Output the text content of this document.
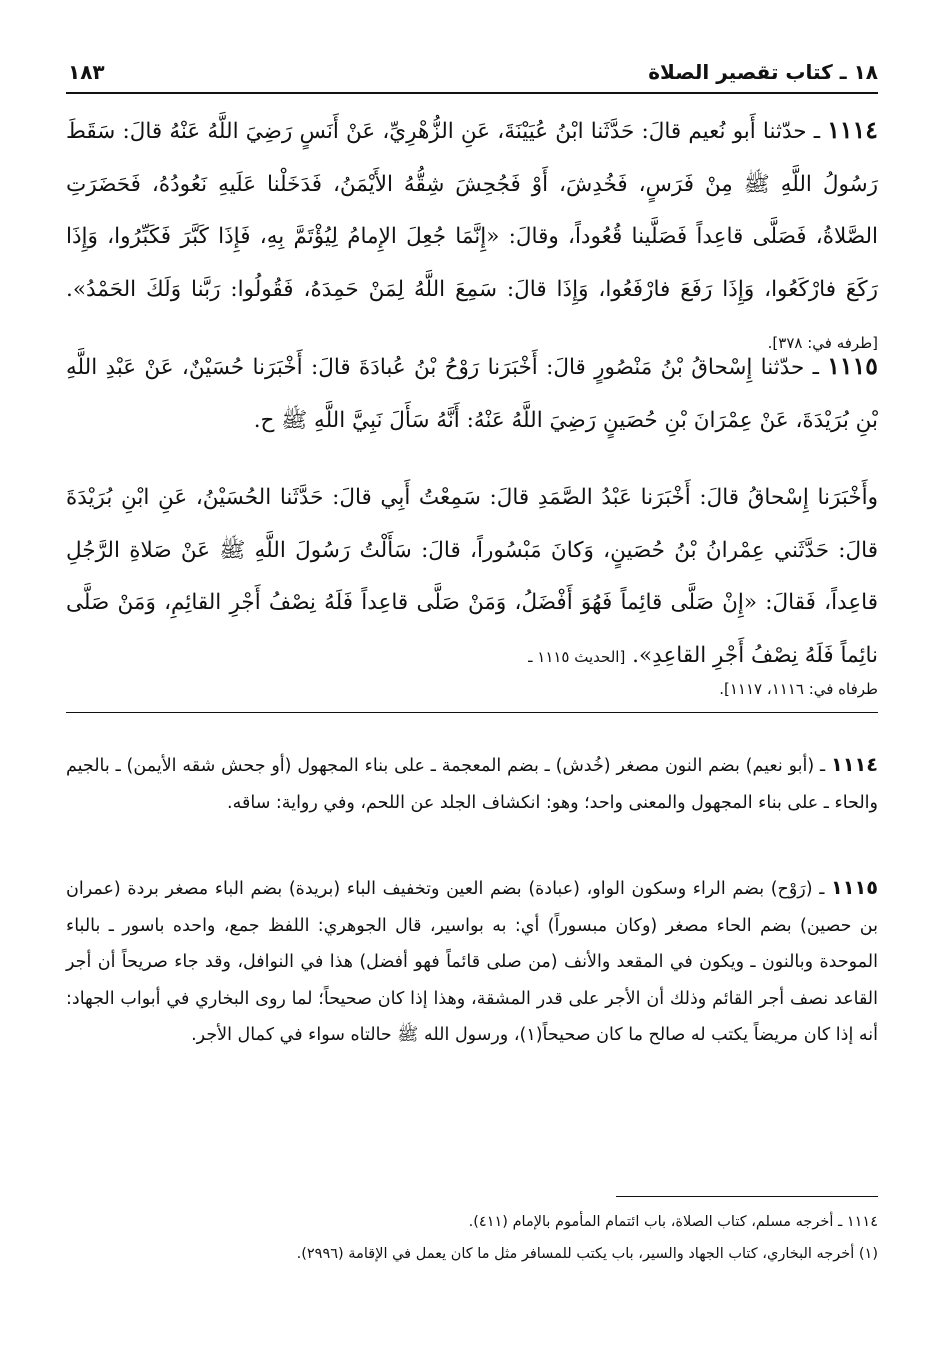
١٨ ـ كتاب تقصير الصلاة
١٨٣

١١١٤ ـ حدّثنا أَبو نُعيم قالَ: حَدَّثَنا ابْنُ عُيَيْنَةَ، عَنِ الزُّهْرِيِّ، عَنْ أَنَسٍ رَضِيَ اللَّهُ عَنْهُ قالَ: سَقَطَ رَسُولُ اللَّهِ ﷺ مِنْ فَرَسٍ، فَخُدِشَ، أَوْ فَجُحِشَ شِقُّهُ الأَيْمَنُ، فَدَخَلْنا عَلَيهِ نَعُودُهُ، فَحَضَرَتِ الصَّلاةُ، فَصَلَّى قاعِداً فَصَلَّينا قُعُوداً، وقالَ: «إِنَّمَا جُعِلَ الإِمامُ لِيُؤْتَمَّ بِهِ، فَإِذَا كَبَّرَ فَكَبِّرُوا، وَإِذَا رَكَعَ فارْكَعُوا، وَإِذَا رَفَعَ فارْفَعُوا، وَإِذَا قالَ: سَمِعَ اللَّهُ لِمَنْ حَمِدَهُ، فَقُولُوا: رَبَّنا وَلَكَ الحَمْدُ». [طرفه في: ٣٧٨].

١١١٥ ـ حدّثنا إِسْحاقُ بْنُ مَنْصُورٍ قالَ: أَخْبَرَنا رَوْحُ بْنُ عُبادَةَ قالَ: أَخْبَرَنا حُسَيْنٌ، عَنْ عَبْدِ اللَّهِ بْنِ بُرَيْدَةَ، عَنْ عِمْرَانَ بْنِ حُصَينٍ رَضِيَ اللَّهُ عَنْهُ: أَنَّهُ سَأَلَ نَبِيَّ اللَّهِ ﷺ ح.

وأَخْبَرَنا إِسْحاقُ قالَ: أَخْبَرَنا عَبْدُ الصَّمَدِ قالَ: سَمِعْتُ أَبِي قالَ: حَدَّثَنا الحُسَيْنُ، عَنِ ابْنِ بُرَيْدَةَ قالَ: حَدَّثَني عِمْرانُ بْنُ حُصَينٍ، وَكانَ مَبْسُوراً، قالَ: سَأَلْتُ رَسُولَ اللَّهِ ﷺ عَنْ صَلاةِ الرَّجُلِ قاعِداً، فَقالَ: «إِنْ صَلَّى قائِماً فَهُوَ أَفْضَلُ، وَمَنْ صَلَّى قاعِداً فَلَهُ نِصْفُ أَجْرِ القائِمِ، وَمَنْ صَلَّى نائِماً فَلَهُ نِصْفُ أَجْرِ القاعِدِ». [الحديث ١١١٥ ـ

طرفاه في: ١١١٦، ١١١٧].

١١١٤ ـ (أبو نعيم) بضم النون مصغر (خُدش) ـ بضم المعجمة ـ على بناء المجهول (أو جحش شقه الأيمن) ـ بالجيم والحاء ـ على بناء المجهول والمعنى واحد؛ وهو: انكشاف الجلد عن اللحم، وفي رواية: ساقه.

١١١٥ ـ (رَوْح) بضم الراء وسكون الواو، (عبادة) بضم العين وتخفيف الباء (بريدة) بضم الباء مصغر بردة (عمران بن حصين) بضم الحاء مصغر (وكان مبسوراً) أي: به بواسير، قال الجوهري: اللفظ جمع، واحده باسور ـ بالباء الموحدة وبالنون ـ ويكون في المقعد والأنف (من صلى قائماً فهو أفضل) هذا في النوافل، وقد جاء صريحاً أن أجر القاعد نصف أجر القائم وذلك أن الأجر على قدر المشقة، وهذا إذا كان صحيحاً؛ لما روى البخاري في أبواب الجهاد: أنه إذا كان مريضاً يكتب له صالح ما كان صحيحاً(١)، ورسول الله ﷺ حالتاه سواء في كمال الأجر.

١١١٤ ـ أخرجه مسلم، كتاب الصلاة، باب ائتمام المأموم بالإمام (٤١١).

(١) أخرجه البخاري، كتاب الجهاد والسير، باب يكتب للمسافر مثل ما كان يعمل في الإقامة (٢٩٩٦).
